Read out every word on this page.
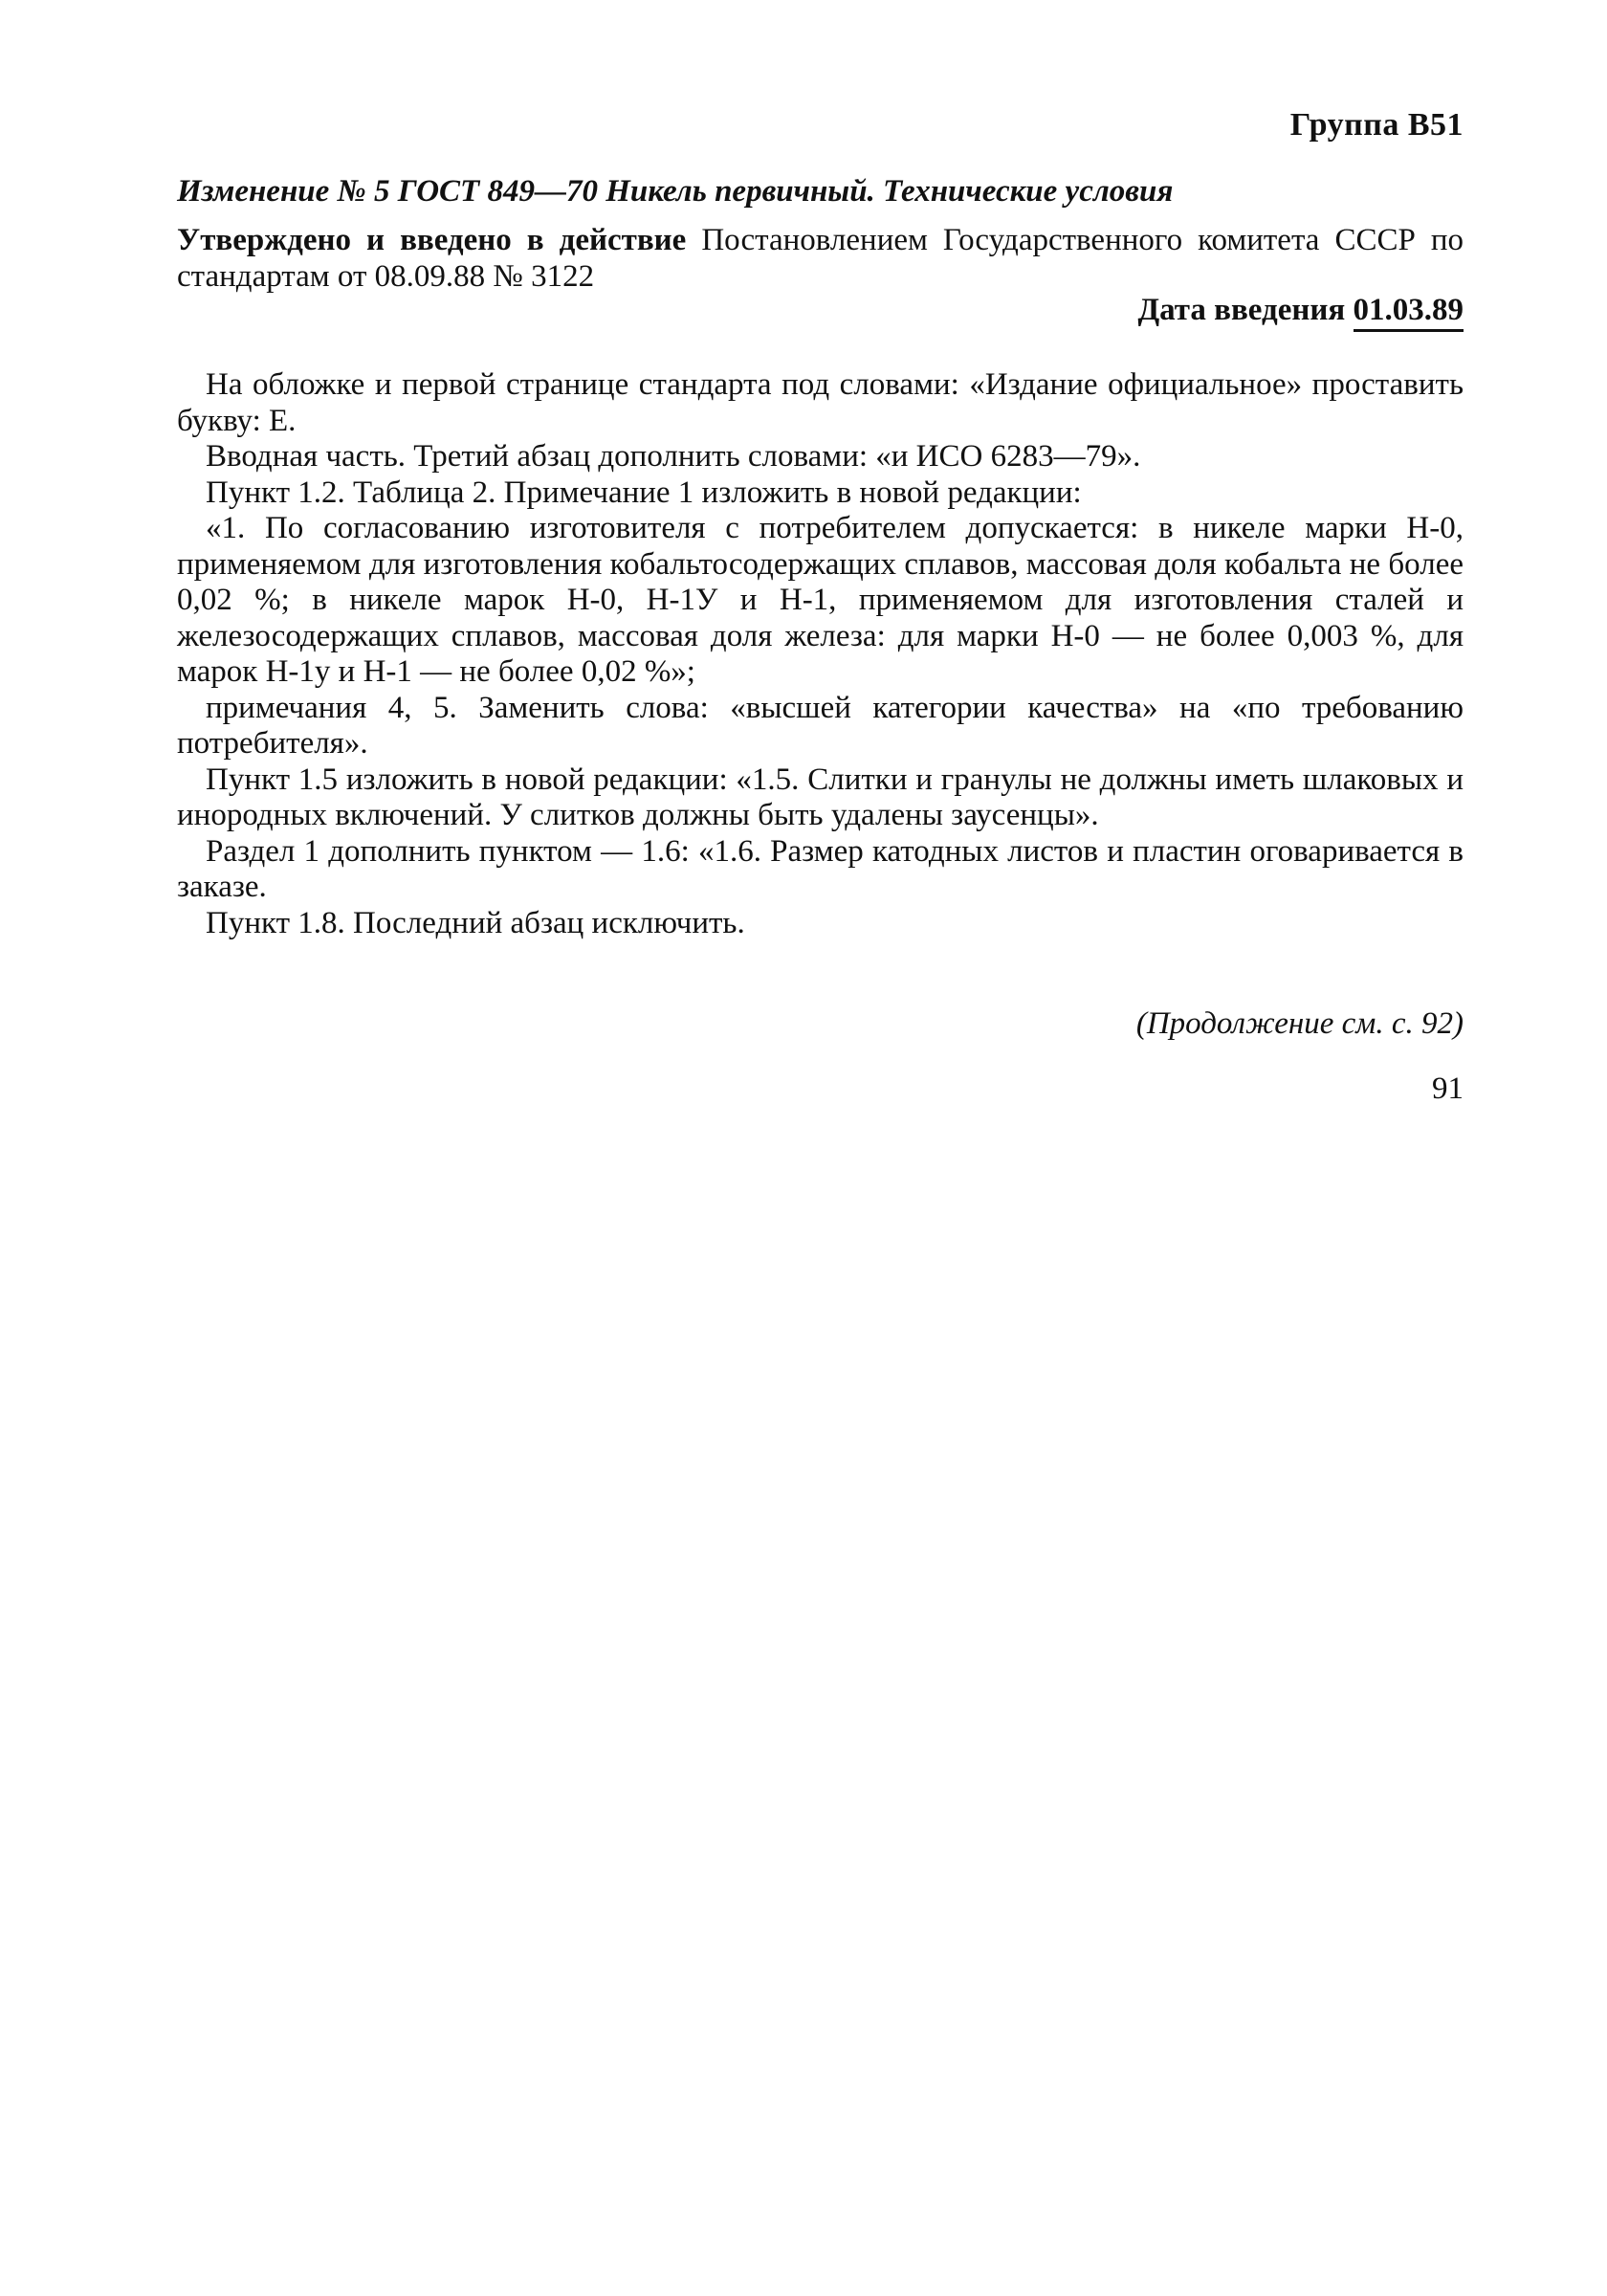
Группа В51
Изменение № 5 ГОСТ 849—70 Никель первичный. Технические условия
Утверждено и введено в действие Постановлением Государственного комитета СССР по стандартам от 08.09.88 № 3122
Дата введения 01.03.89

На обложке и первой странице стандарта под словами: «Издание официальное» проставить букву: Е.

Вводная часть. Третий абзац дополнить словами: «и ИСО 6283—79».

Пункт 1.2. Таблица 2. Примечание 1 изложить в новой редакции:

«1. По согласованию изготовителя с потребителем допускается: в никеле марки Н-0, применяемом для изготовления кобальтосодержащих сплавов, массовая доля кобальта не более 0,02 %; в никеле марок Н-0, Н-1У и Н-1, применяемом для изготовления сталей и железосодержащих сплавов, массовая доля железа: для марки Н-0 — не более 0,003 %, для марок Н-1у и Н-1 — не более 0,02 %»;

примечания 4, 5. Заменить слова: «высшей категории качества» на «по требованию потребителя».

Пункт 1.5 изложить в новой редакции: «1.5. Слитки и гранулы не должны иметь шлаковых и инородных включений. У слитков должны быть удалены заусенцы».

Раздел 1 дополнить пунктом — 1.6: «1.6. Размер катодных листов и пластин оговаривается в заказе.

Пункт 1.8. Последний абзац исключить.

(Продолжение см. с. 92)
91
